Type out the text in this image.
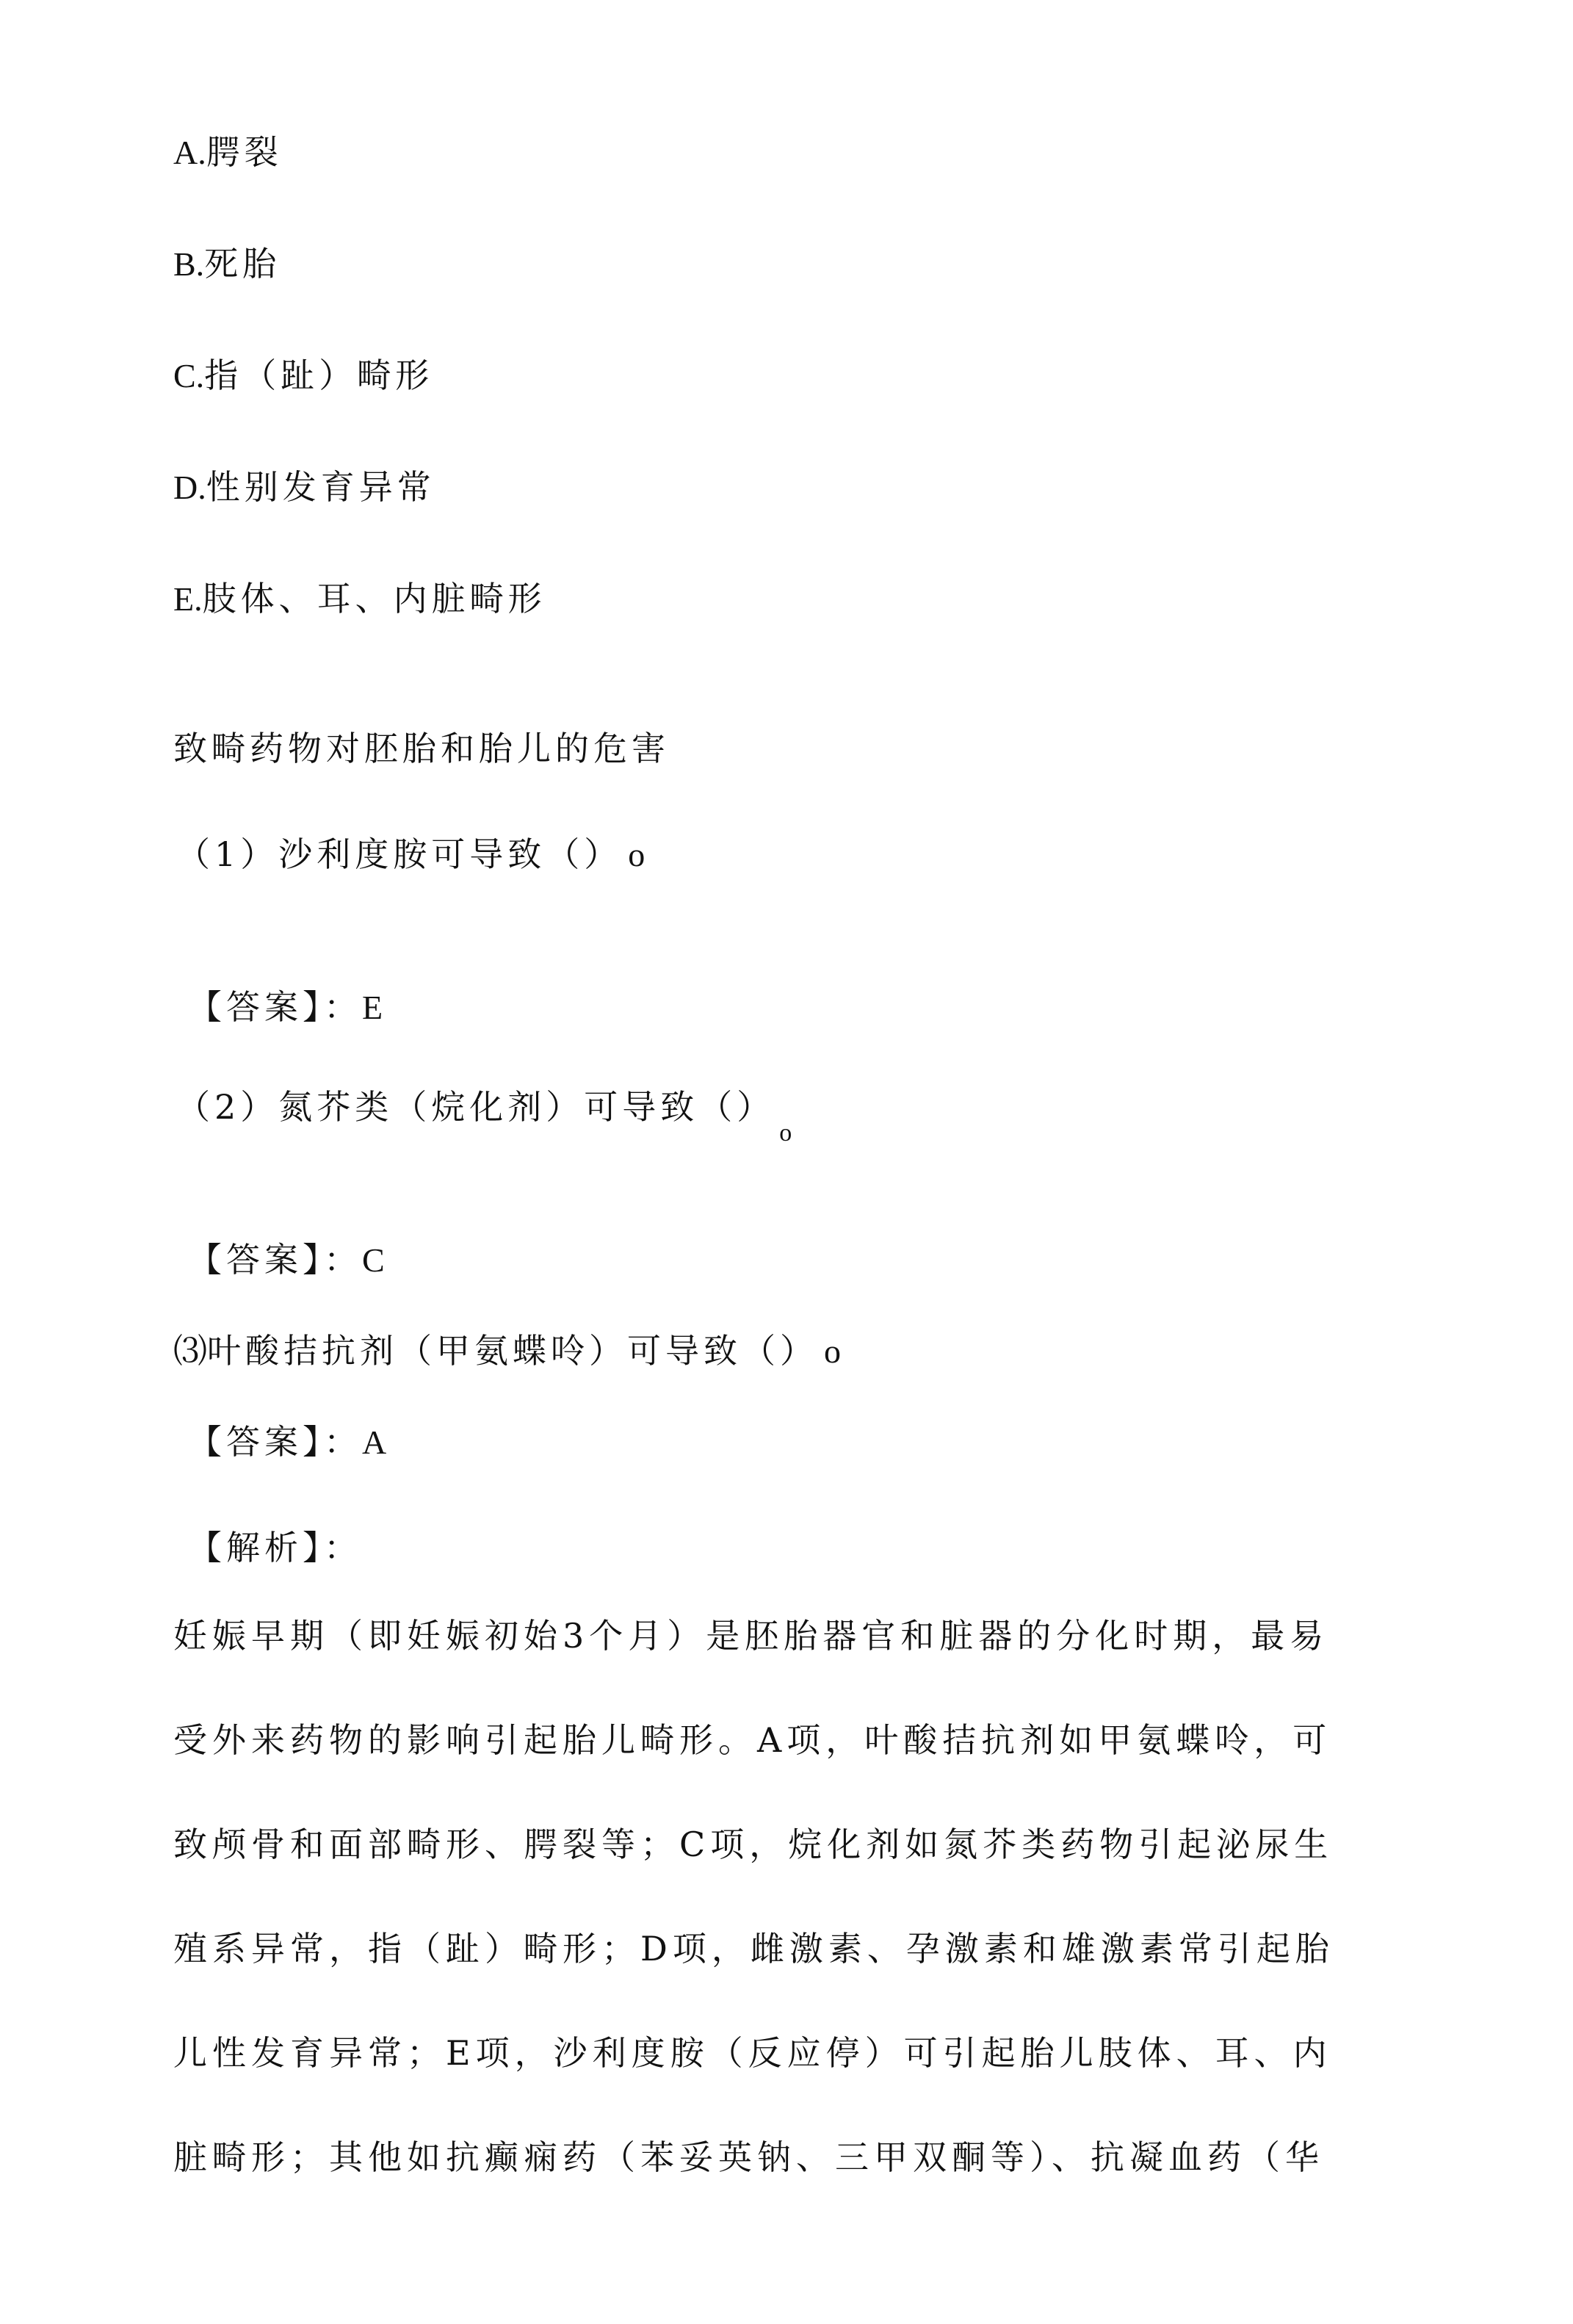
A.腭裂
B.死胎
C.指（趾）畸形
D.性别发育异常
E.肢体、耳、内脏畸形
致畸药物对胚胎和胎儿的危害
（1）沙利度胺可导致（） o
【答案】：E
（2）氮芥类（烷化剂）可导致$()_o$
【答案】：C
⑶叶酸拮抗剂（甲氨蝶呤）可导致（） o
【答案】：A
【解析】：
妊娠早期（即妊娠初始3个月）是胚胎器官和脏器的分化时期，最易
受外来药物的影响引起胎儿畸形。A项，叶酸拮抗剂如甲氨蝶呤，可
致颅骨和面部畸形、腭裂等；C项，烷化剂如氮芥类药物引起泌尿生
殖系异常，指（趾）畸形；D项，雌激素、孕激素和雄激素常引起胎
儿性发育异常；E项，沙利度胺（反应停）可引起胎儿肢体、耳、内
脏畸形；其他如抗癫痫药（苯妥英钠、三甲双酮等）、抗凝血药（华
